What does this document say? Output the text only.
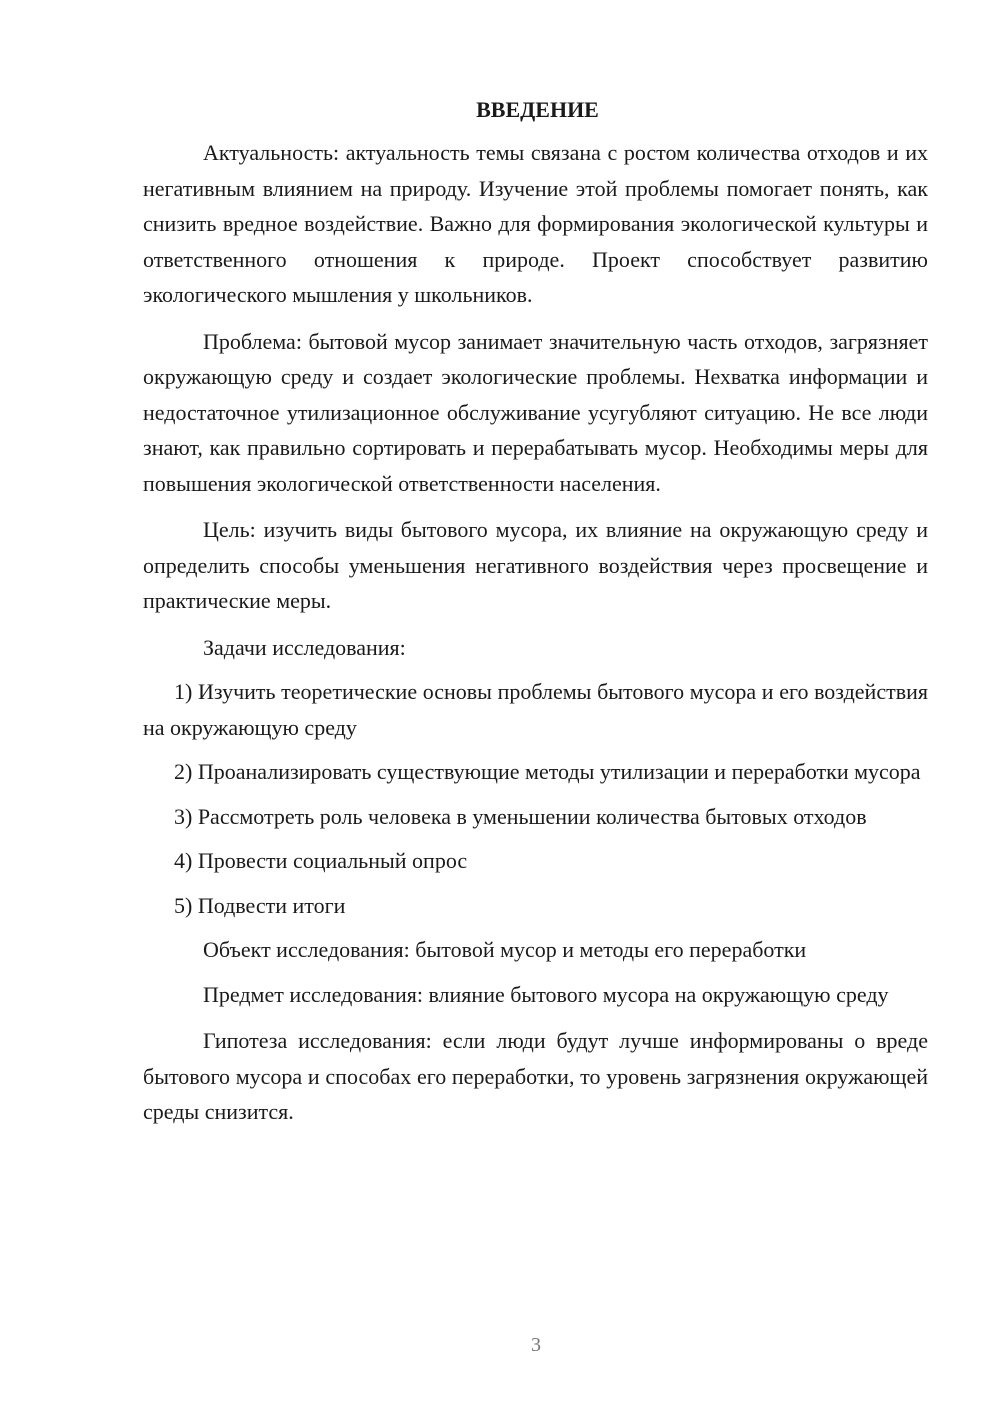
ВВЕДЕНИЕ

Актуальность: актуальность темы связана с ростом количества отходов и их негативным влиянием на природу. Изучение этой проблемы помогает понять, как снизить вредное воздействие. Важно для формирования экологической культуры и ответственного отношения к природе. Проект способствует развитию экологического мышления у школьников.

Проблема: бытовой мусор занимает значительную часть отходов, загрязняет окружающую среду и создает экологические проблемы. Нехватка информации и недостаточное утилизационное обслуживание усугубляют ситуацию. Не все люди знают, как правильно сортировать и перерабатывать мусор. Необходимы меры для повышения экологической ответственности населения.

Цель: изучить виды бытового мусора, их влияние на окружающую среду и определить способы уменьшения негативного воздействия через просвещение и практические меры.

Задачи исследования:

1) Изучить теоретические основы проблемы бытового мусора и его воздействия на окружающую среду

2) Проанализировать существующие методы утилизации и переработки мусора

3) Рассмотреть роль человека в уменьшении количества бытовых отходов

4) Провести социальный опрос

5) Подвести итоги

Объект исследования: бытовой мусор и методы его переработки

Предмет исследования: влияние бытового мусора на окружающую среду

Гипотеза исследования: если люди будут лучше информированы о вреде бытового мусора и способах его переработки, то уровень загрязнения окружающей среды снизится.

3
